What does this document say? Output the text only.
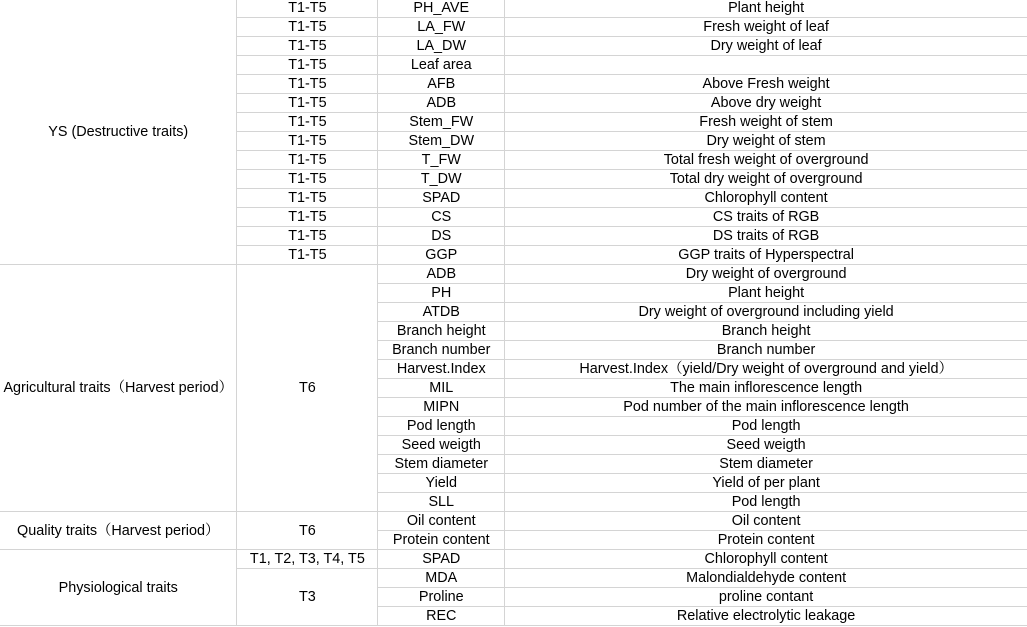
YS (Destructive traits)	T1-T5	PH_AVE	Plant height
	T1-T5	LA_FW	Fresh weight of leaf
	T1-T5	LA_DW	Dry weight of leaf
	T1-T5	Leaf area	
	T1-T5	AFB	Above Fresh weight
	T1-T5	ADB	Above dry weight
	T1-T5	Stem_FW	Fresh weight of stem
	T1-T5	Stem_DW	Dry weight of stem
	T1-T5	T_FW	Total fresh weight of overground
	T1-T5	T_DW	Total dry weight of overground
	T1-T5	SPAD	Chlorophyll content
	T1-T5	CS	CS traits of RGB
	T1-T5	DS	DS traits of RGB
	T1-T5	GGP	GGP traits of Hyperspectral
Agricultural traits（Harvest period）	T6	ADB	Dry weight of overground
		PH	Plant height
		ATDB	Dry weight of overground including yield
		Branch height	Branch height
		Branch number	Branch number
		Harvest.Index	Harvest.Index（yield/Dry weight of overground and yield）
		MIL	The main inflorescence length
		MIPN	Pod number of the main inflorescence length
		Pod length	Pod length
		Seed weigth	Seed weigth
		Stem diameter	Stem diameter
		Yield	Yield of per plant
		SLL	Pod length
Quality traits（Harvest period）	T6	Oil content	Oil content
		Protein content	Protein content
Physiological traits	T1, T2, T3, T4, T5	SPAD	Chlorophyll content
	T3	MDA	Malondialdehyde content
		Proline	proline contant
		REC	Relative electrolytic leakage
